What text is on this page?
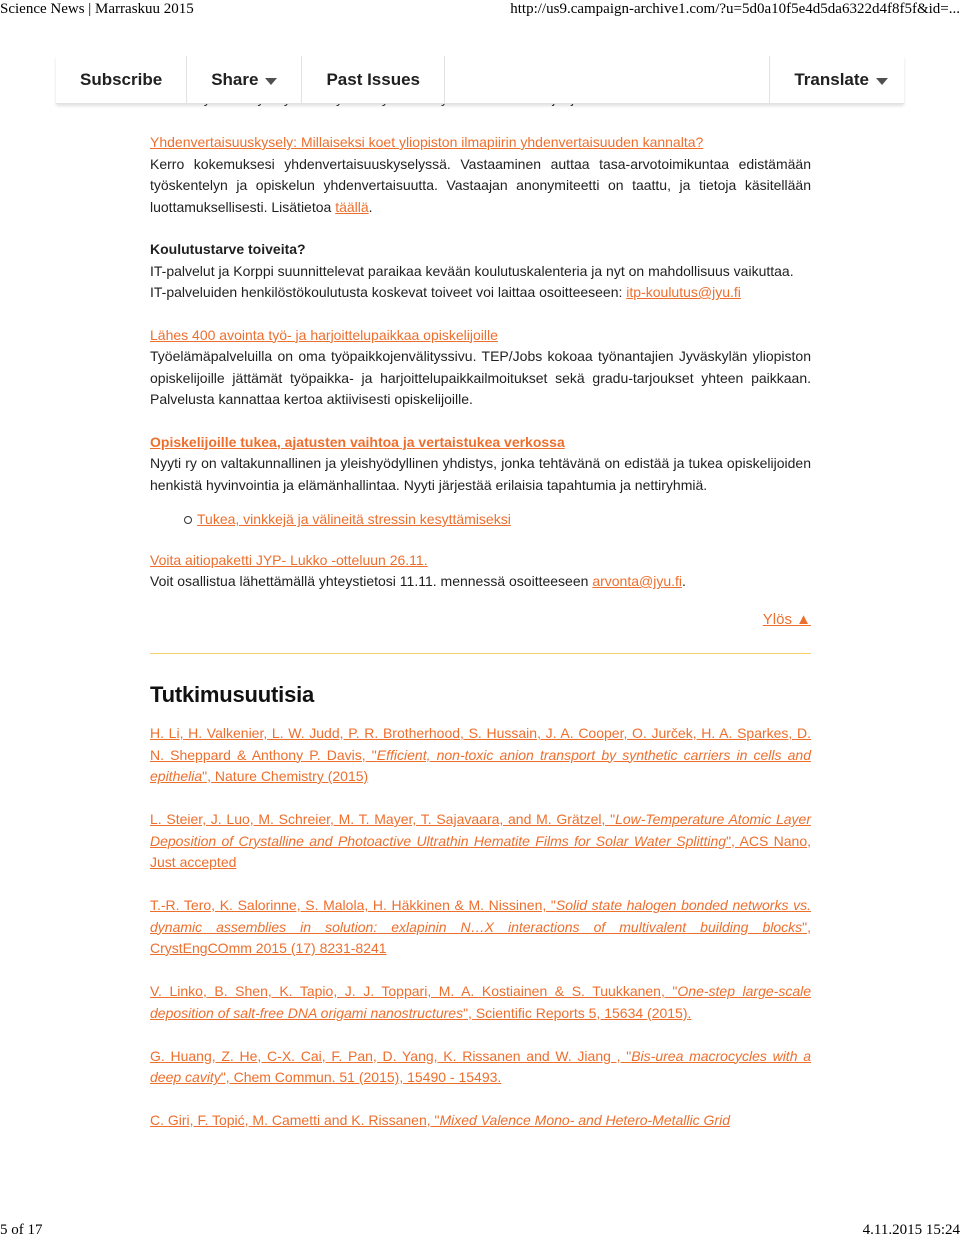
Science News | Marraskuu 2015	http://us9.campaign-archive1.com/?u=5d0a10f5e4d5da6322d4f8f5f&id=...
Subscribe	Share	Past Issues	Translate
Yhdenvertaisuuskysely: Millaiseksi koet yliopiston ilmapiirin yhdenvertaisuuden kannalta?
Kerro kokemuksesi yhdenvertaisuuskyselyssä. Vastaaminen auttaa tasa-arvotoimikuntaa edistämään työskentelyn ja opiskelun yhdenvertaisuutta. Vastaajan anonymiteetti on taattu, ja tietoja käsitellään luottamuksellisesti. Lisätietoa täällä.
Koulutustarve toiveita?
IT-palvelut ja Korppi suunnittelevat paraikaa kevään koulutuskalenteria ja nyt on mahdollisuus vaikuttaa.
IT-palveluiden henkilöstökoulutusta koskevat toiveet voi laittaa osoitteeseen: itp-koulutus@jyu.fi
Lähes 400 avointa työ- ja harjoittelupaikkaa opiskelijoille
Työelämäpalveluilla on oma työpaikkojenvälityssivu. TEP/Jobs kokoaa työnantajien Jyväskylän yliopiston opiskelijoille jättämät työpaikka- ja harjoittelupaikkailmoitukset sekä gradu-tarjoukset yhteen paikkaan. Palvelusta kannattaa kertoa aktiivisesti opiskelijoille.
Opiskelijoille tukea, ajatusten vaihtoa ja vertaistukea verkossa
Nyyti ry on valtakunnallinen ja yleishyödyllinen yhdistys, jonka tehtävänä on edistää ja tukea opiskelijoiden henkistä hyvinvointia ja elämänhallintaa. Nyyti järjestää erilaisia tapahtumia ja nettiryhmiä.
Tukea, vinkkejä ja välineitä stressin kesyttämiseksi
Voita aitiopaketti JYP- Lukko -otteluun 26.11.
Voit osallistua lähettämällä yhteystietosi 11.11. mennessä osoitteeseen arvonta@jyu.fi.
Ylös ▲
Tutkimusuutisia
H. Li, H. Valkenier, L. W. Judd, P. R. Brotherhood, S. Hussain, J. A. Cooper, O. Jurček, H. A. Sparkes, D. N. Sheppard & Anthony P. Davis, "Efficient, non-toxic anion transport by synthetic carriers in cells and epithelia", Nature Chemistry (2015)
L. Steier, J. Luo, M. Schreier, M. T. Mayer, T. Sajavaara, and M. Grätzel, "Low-Temperature Atomic Layer Deposition of Crystalline and Photoactive Ultrathin Hematite Films for Solar Water Splitting", ACS Nano, Just accepted
T.-R. Tero, K. Salorinne, S. Malola, H. Häkkinen & M. Nissinen, "Solid state halogen bonded networks vs. dynamic assemblies in solution: exlapinin N…X interactions of multivalent building blocks", CrystEngCOmm 2015 (17) 8231-8241
V. Linko, B. Shen, K. Tapio, J. J. Toppari, M. A. Kostiainen & S. Tuukkanen, "One-step large-scale deposition of salt-free DNA origami nanostructures", Scientific Reports 5, 15634 (2015).
G. Huang, Z. He, C-X. Cai, F. Pan, D. Yang, K. Rissanen and W. Jiang , "Bis-urea macrocycles with a deep cavity", Chem Commun. 51 (2015), 15490 - 15493.
C. Giri, F. Topić, M. Cametti and K. Rissanen, "Mixed Valence Mono- and Hetero-Metallic Grid
5 of 17	4.11.2015 15:24
